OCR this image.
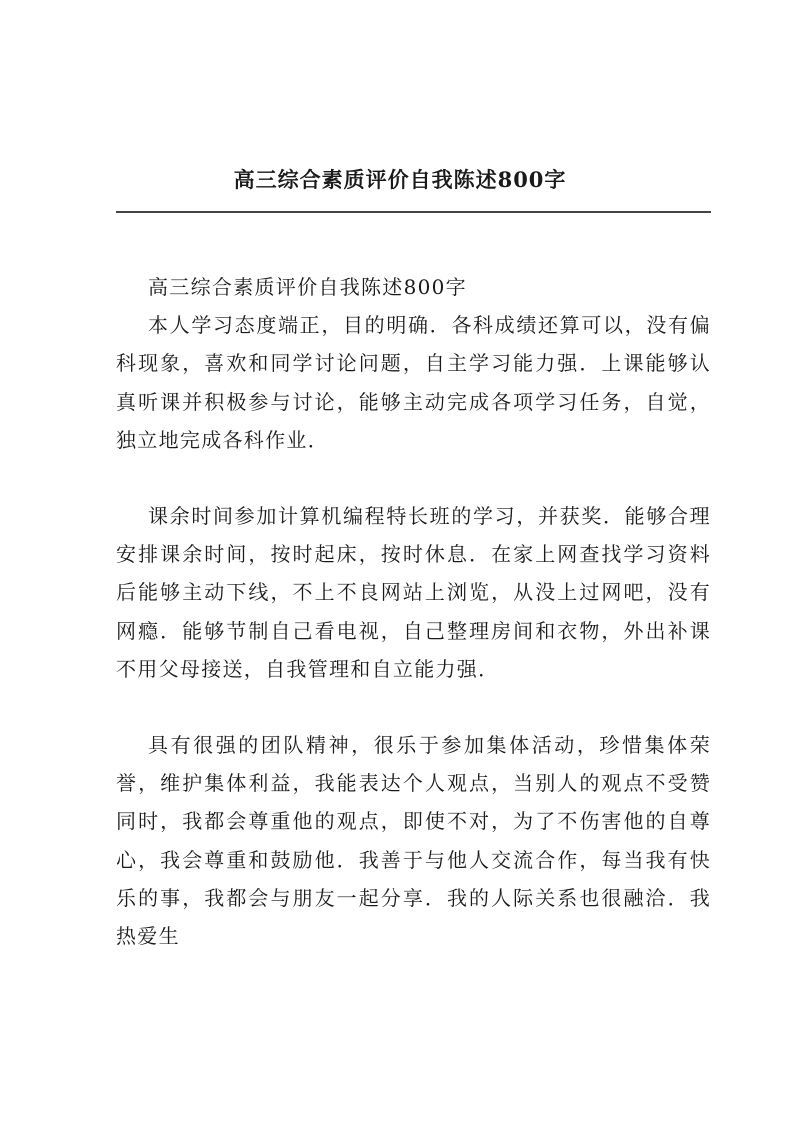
高三综合素质评价自我陈述800字

高三综合素质评价自我陈述800字

本人学习态度端正，目的明确．各科成绩还算可以，没有偏科现象，喜欢和同学讨论问题，自主学习能力强．上课能够认真听课并积极参与讨论，能够主动完成各项学习任务，自觉，独立地完成各科作业．

课余时间参加计算机编程特长班的学习，并获奖．能够合理安排课余时间，按时起床，按时休息．在家上网查找学习资料后能够主动下线，不上不良网站上浏览，从没上过网吧，没有网瘾．能够节制自己看电视，自己整理房间和衣物，外出补课不用父母接送，自我管理和自立能力强．

具有很强的团队精神，很乐于参加集体活动，珍惜集体荣誉，维护集体利益，我能表达个人观点，当别人的观点不受赞同时，我都会尊重他的观点，即使不对，为了不伤害他的自尊心，我会尊重和鼓励他．我善于与他人交流合作，每当我有快乐的事，我都会与朋友一起分享．我的人际关系也很融洽．我热爱生
